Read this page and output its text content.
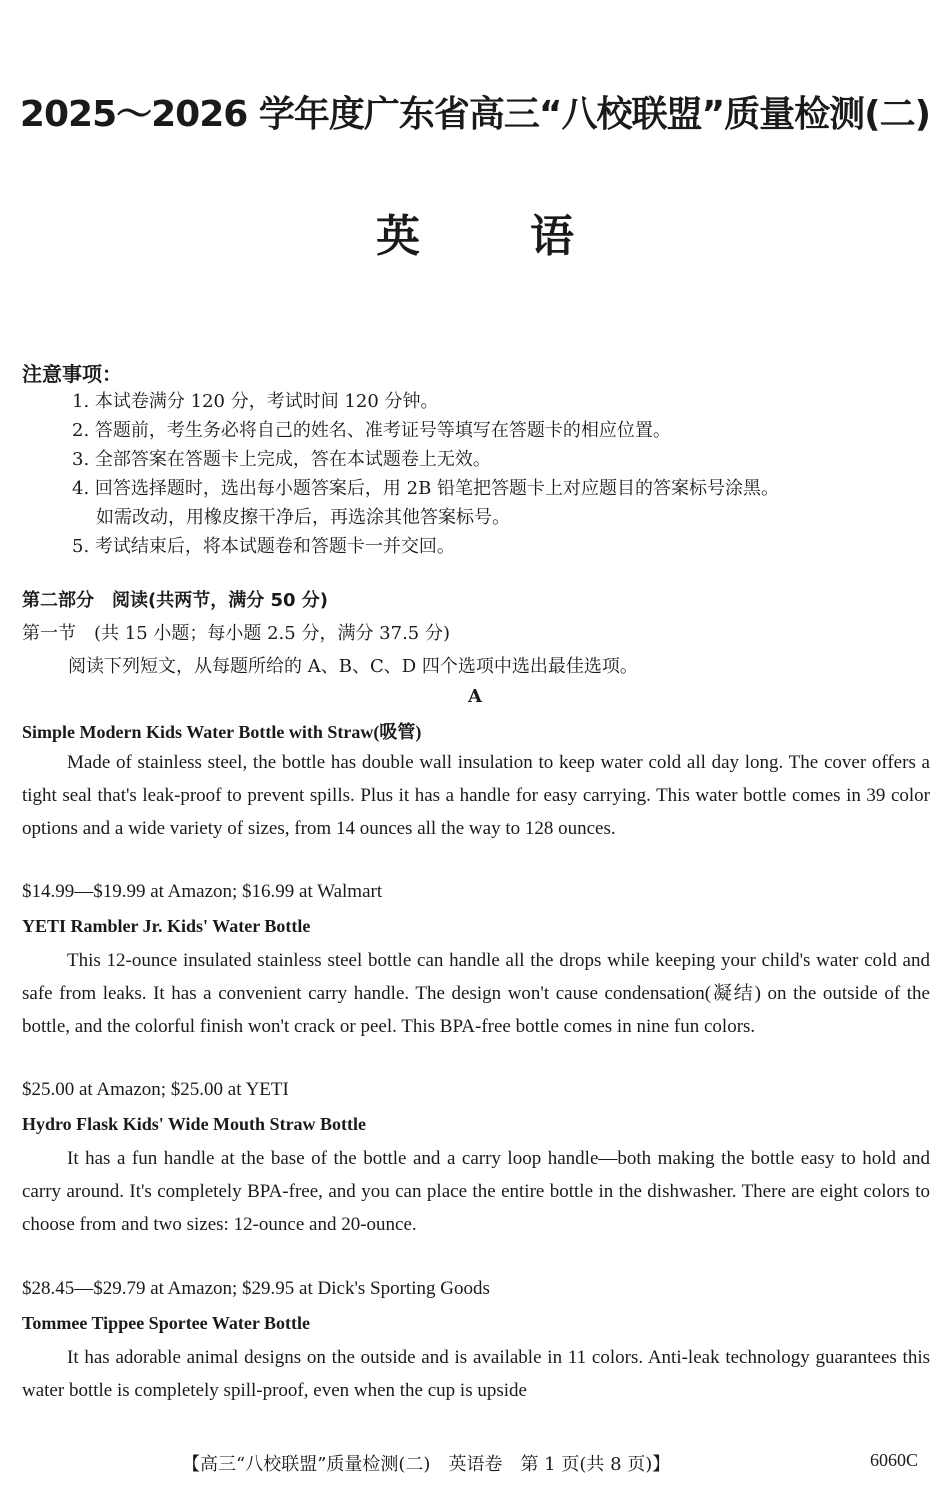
2025～2026 学年度广东省高三“八校联盟”质量检测(二)
英语
注意事项：
1. 本试卷满分 120 分，考试时间 120 分钟。
2. 答题前，考生务必将自己的姓名、准考证号等填写在答题卡的相应位置。
3. 全部答案在答题卡上完成，答在本试题卷上无效。
4. 回答选择题时，选出每小题答案后，用 2B 铅笔把答题卡上对应题目的答案标号涂黑。
如需改动，用橡皮擦干净后，再选涂其他答案标号。
5. 考试结束后，将本试题卷和答题卡一并交回。
第二部分　阅读(共两节，满分 50 分)
第一节　(共 15 小题；每小题 2.5 分，满分 37.5 分)
阅读下列短文，从每题所给的 A、B、C、D 四个选项中选出最佳选项。
A
Simple Modern Kids Water Bottle with Straw(吸管)
Made of stainless steel, the bottle has double wall insulation to keep water cold all day long. The cover offers a tight seal that's leak-proof to prevent spills. Plus it has a handle for easy carrying. This water bottle comes in 39 color options and a wide variety of sizes, from 14 ounces all the way to 128 ounces.
$14.99—$19.99 at Amazon; $16.99 at Walmart
YETI Rambler Jr. Kids' Water Bottle
This 12-ounce insulated stainless steel bottle can handle all the drops while keeping your child's water cold and safe from leaks. It has a convenient carry handle. The design won't cause condensation(凝结) on the outside of the bottle, and the colorful finish won't crack or peel. This BPA-free bottle comes in nine fun colors.
$25.00 at Amazon; $25.00 at YETI
Hydro Flask Kids' Wide Mouth Straw Bottle
It has a fun handle at the base of the bottle and a carry loop handle—both making the bottle easy to hold and carry around. It's completely BPA-free, and you can place the entire bottle in the dishwasher. There are eight colors to choose from and two sizes: 12-ounce and 20-ounce.
$28.45—$29.79 at Amazon; $29.95 at Dick's Sporting Goods
Tommee Tippee Sportee Water Bottle
It has adorable animal designs on the outside and is available in 11 colors. Anti-leak technology guarantees this water bottle is completely spill-proof, even when the cup is upside
【高三“八校联盟”质量检测(二)　英语卷　第 1 页(共 8 页)】	6060C
